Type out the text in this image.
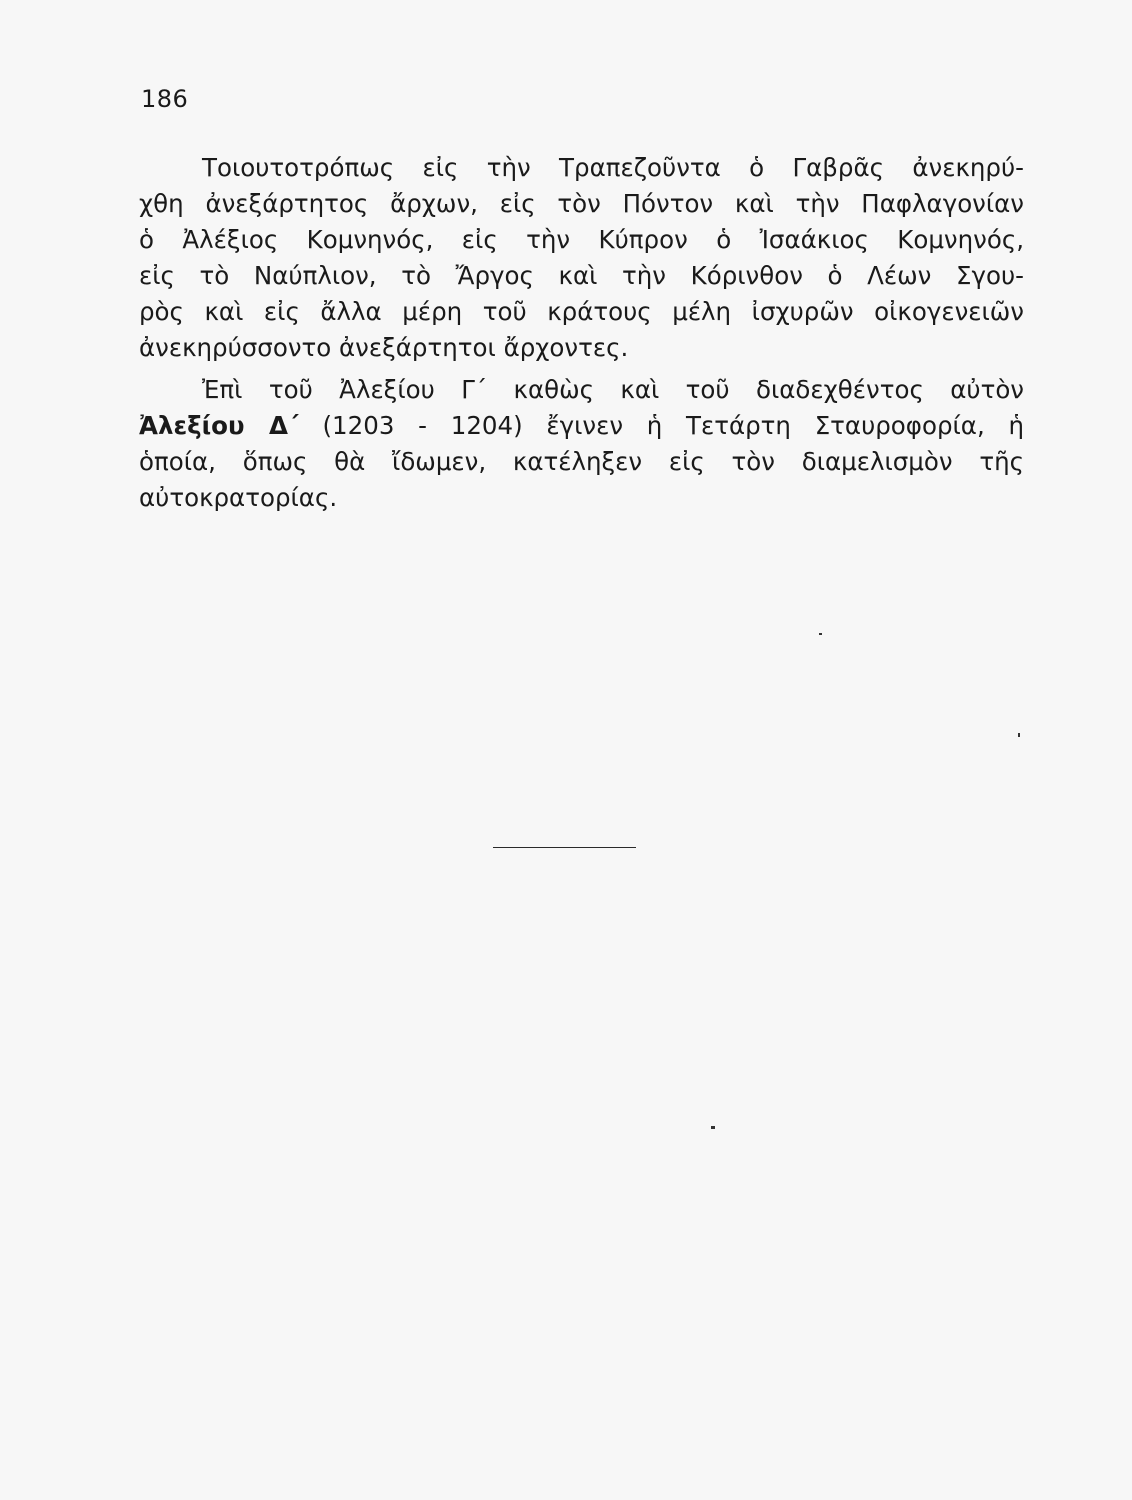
186
Τοιουτοτρόπως εἰς τὴν Τραπεζοῦντα ὁ Γαβρᾶς ἀνεκηρύ-
χθη ἀνεξάρτητος ἄρχων, εἰς τὸν Πόντον καὶ τὴν Παφλαγονίαν
ὁ Ἀλέξιος Κομνηνός, εἰς τὴν Κύπρον ὁ Ἰσαάκιος Κομνηνός,
εἰς τὸ Ναύπλιον, τὸ Ἄργος καὶ τὴν Κόρινθον ὁ Λέων Σγου-
ρὸς καὶ εἰς ἄλλα μέρη τοῦ κράτους μέλη ἰσχυρῶν οἰκογενειῶν
ἀνεκηρύσσοντο ἀνεξάρτητοι ἄρχοντες.
Ἐπὶ τοῦ Ἀλεξίου Γ΄ καθὼς καὶ τοῦ διαδεχθέντος αὐτὸν
Ἀλεξίου Δ΄ (1203 - 1204) ἔγινεν ἡ Τετάρτη Σταυροφορία, ἡ
ὁποία, ὅπως θὰ ἴδωμεν, κατέληξεν εἰς τὸν διαμελισμὸν τῆς
αὐτοκρατορίας.
